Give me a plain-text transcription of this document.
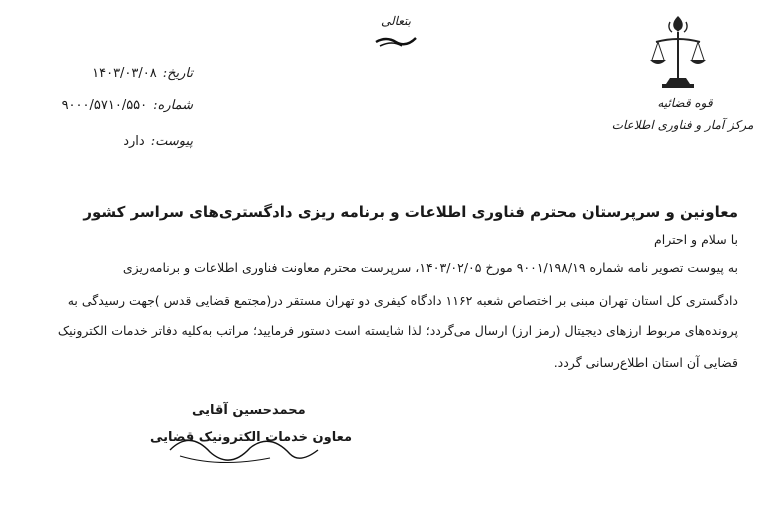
قوه قضائیه
مرکز آمار و فناوری اطلاعات
بتعالی
تاریخ:
۱۴۰۳/۰۳/۰۸
شماره:
۹۰۰۰/۵۷۱۰/۵۵۰
پیوست:
دارد
معاونین و سرپرستان محترم فناوری اطلاعات و برنامه ریزی دادگستری‌های سراسر کشور
با سلام و احترام
به پیوست تصویر نامه شماره ۹۰۰۱/۱۹۸/۱۹ مورخ ۱۴۰۳/۰۲/۰۵، سرپرست محترم معاونت فناوری اطلاعات و برنامه‌ریزی
دادگستری کل استان تهران مبنی بر اختصاص شعبه ۱۱۶۲ دادگاه کیفری دو تهران مستقر در(مجتمع قضایی قدس )جهت رسیدگی به
پرونده‌های مربوط ارزهای دیجیتال (رمز ارز) ارسال می‌گردد؛ لذا شایسته است دستور فرمایید؛ مراتب به‌کلیه دفاتر خدمات الکترونیک
قضایی آن استان اطلاع‌رسانی گردد.
محمدحسین آقایی
معاون خدمات الکترونیک قضایی
